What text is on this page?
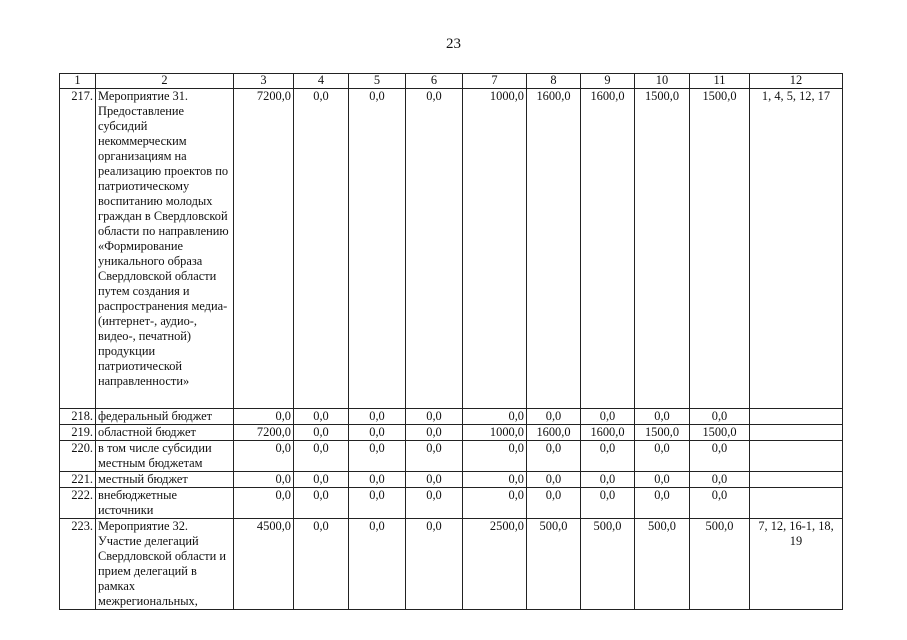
23
1	2	3	4	5	6	7	8	9	10	11	12
217.	Мероприятие 31. Предоставление субсидий некоммерческим организациям на реализацию проектов по патриотическому воспитанию молодых граждан в Свердловской области по направлению «Формирование уникального образа Свердловской области путем создания и распространения медиа- (интернет-, аудио-, видео-, печатной) продукции патриотической направленности»	7200,0	0,0	0,0	0,0	1000,0	1600,0	1600,0	1500,0	1500,0	1, 4, 5, 12, 17
218.	федеральный бюджет	0,0	0,0	0,0	0,0	0,0	0,0	0,0	0,0	0,0	
219.	областной бюджет	7200,0	0,0	0,0	0,0	1000,0	1600,0	1600,0	1500,0	1500,0	
220.	в том числе субсидии местным бюджетам	0,0	0,0	0,0	0,0	0,0	0,0	0,0	0,0	0,0	
221.	местный бюджет	0,0	0,0	0,0	0,0	0,0	0,0	0,0	0,0	0,0	
222.	внебюджетные источники	0,0	0,0	0,0	0,0	0,0	0,0	0,0	0,0	0,0	
223.	Мероприятие 32. Участие делегаций Свердловской области и прием делегаций в рамках межрегиональных,	4500,0	0,0	0,0	0,0	2500,0	500,0	500,0	500,0	500,0	7, 12, 16-1, 18, 19
